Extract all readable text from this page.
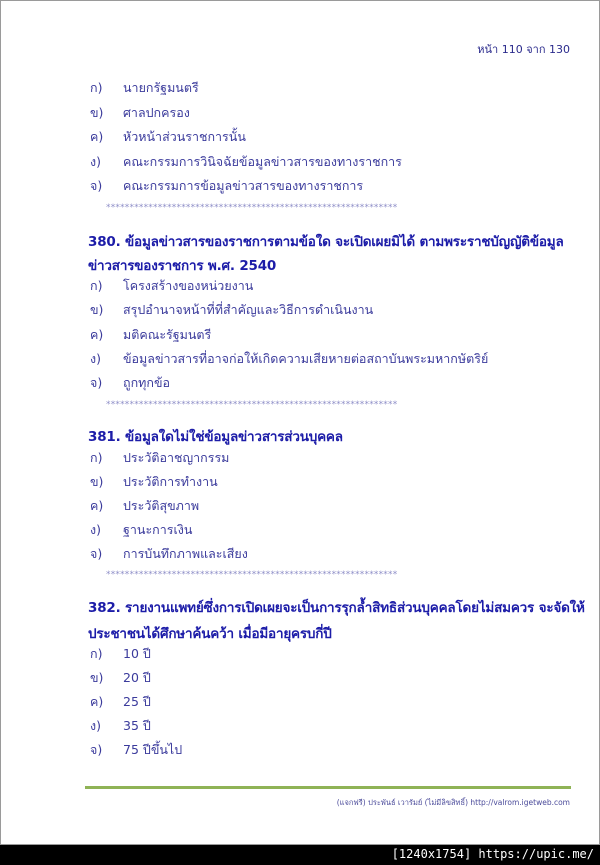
หน้า 110 จาก 130
ก) นายกรัฐมนตรี
ข) ศาลปกครอง
ค) หัวหน้าส่วนราชการนั้น
ง) คณะกรรมการวินิจฉัยข้อมูลข่าวสารของทางราชการ
จ) คณะกรรมการข้อมูลข่าวสารของทางราชการ
**************************************************************
380. ข้อมูลข่าวสารของราชการตามข้อใด จะเปิดเผยมิได้ ตามพระราชบัญญัติข้อมูล
ข่าวสารของราชการ พ.ศ. 2540
ก) โครงสร้างของหน่วยงาน
ข) สรุปอำนาจหน้าที่ที่สำคัญและวิธีการดำเนินงาน
ค) มติคณะรัฐมนตรี
ง) ข้อมูลข่าวสารที่อาจก่อให้เกิดความเสียหายต่อสถาบันพระมหากษัตริย์
จ) ถูกทุกข้อ
**************************************************************
381. ข้อมูลใดไม่ใช่ข้อมูลข่าวสารส่วนบุคคล
ก) ประวัติอาชญากรรม
ข) ประวัติการทำงาน
ค) ประวัติสุขภาพ
ง) ฐานะการเงิน
จ) การบันทึกภาพและเสียง
**************************************************************
382. รายงานแพทย์ซึ่งการเปิดเผยจะเป็นการรุกล้ำสิทธิส่วนบุคคลโดยไม่สมควร จะจัดให้
ประชาชนได้ศึกษาค้นคว้า เมื่อมีอายุครบกี่ปี
ก) 10 ปี
ข) 20 ปี
ค) 25 ปี
ง) 35 ปี
จ) 75 ปีขึ้นไป
(แจกฟรี) ประพันธ์ เวารัมย์ (ไม่มีลิขสิทธิ์) http://valrom.igetweb.com
[1240x1754] https://upic.me/
